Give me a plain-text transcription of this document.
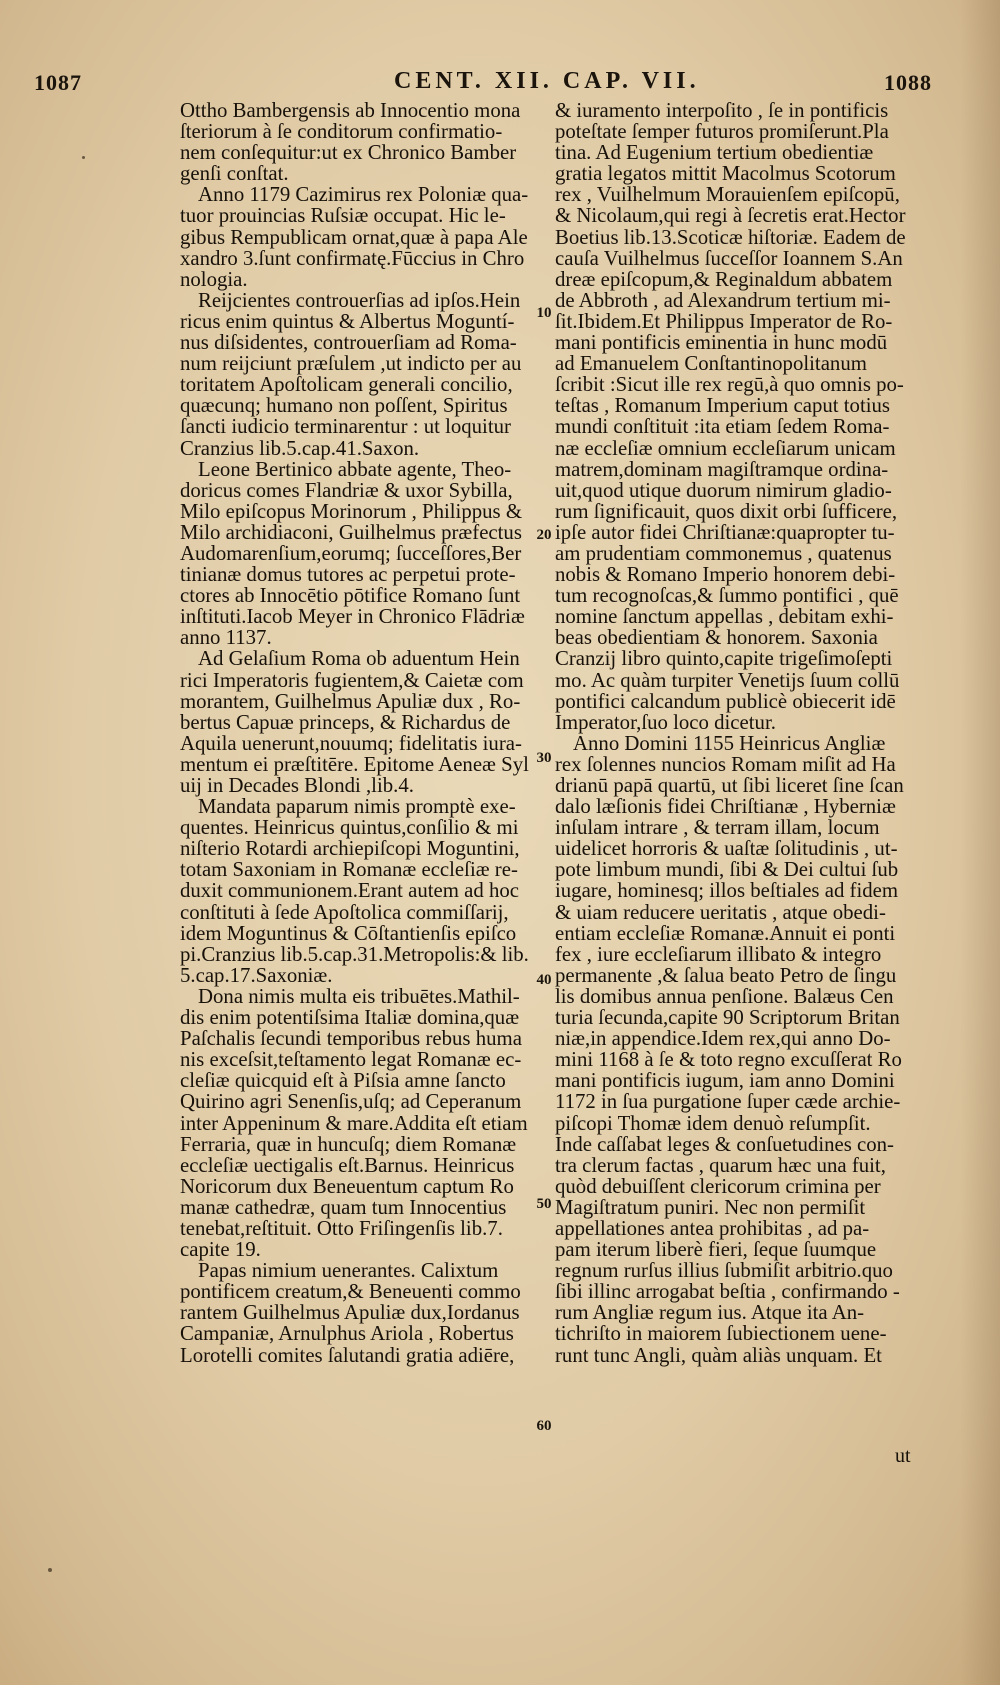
1087	CENT. XII. CAP. VII.	1088
Ottho Bambergensis ab Innocentio mona
ſteriorum à ſe conditorum confirmatio-
nem conſequitur:ut ex Chronico Bamber
genſi conſtat.
Anno 1179 Cazimirus rex Poloniæ qua-
tuor prouincias Ruſsiæ occupat. Hic le-
gibus Rempublicam ornat,quæ à papa Ale
xandro 3.ſunt confirmatę.Fūccius in Chro
nologia.
Reijcientes controuerſias ad ipſos.Hein
ricus enim quintus & Albertus Moguntí-
nus diſsidentes, controuerſiam ad Roma-
num reijciunt præſulem ,ut indicto per au
toritatem Apoſtolicam generali concilio,
quæcunq; humano non poſſent, Spiritus
ſancti iudicio terminarentur : ut loquitur
Cranzius lib.5.cap.41.Saxon.
Leone Bertinico abbate agente, Theo-
doricus comes Flandriæ & uxor Sybilla,
Milo epiſcopus Morinorum , Philippus &
Milo archidiaconi, Guilhelmus præfectus
Audomarenſium,eorumq; ſucceſſores,Ber
tinianæ domus tutores ac perpetui prote-
ctores ab Innocētio pōtifice Romano ſunt
inſtituti.Iacob Meyer in Chronico Flādriæ
anno 1137.
Ad Gelaſium Roma ob aduentum Hein
rici Imperatoris fugientem,& Caietæ com
morantem, Guilhelmus Apuliæ dux , Ro-
bertus Capuæ princeps, & Richardus de
Aquila uenerunt,nouumq; fidelitatis iura-
mentum ei præſtitēre. Epitome Aeneæ Syl
uij in Decades Blondi ,lib.4.
Mandata paparum nimis promptè exe-
quentes. Heinricus quintus,conſilio & mi
niſterio Rotardi archiepiſcopi Moguntini,
totam Saxoniam in Romanæ eccleſiæ re-
duxit communionem.Erant autem ad hoc
conſtituti à ſede Apoſtolica commiſſarij,
idem Moguntinus & Cōſtantienſis epiſco
pi.Cranzius lib.5.cap.31.Metropolis:& lib.
5.cap.17.Saxoniæ.
Dona nimis multa eis tribuētes.Mathil-
dis enim potentiſsima Italiæ domina,quæ
Paſchalis ſecundi temporibus rebus huma
nis exceſsit,teſtamento legat Romanæ ec-
cleſiæ quicquid eſt à Piſsia amne ſancto
Quirino agri Senenſis,uſq; ad Ceperanum
inter Appeninum & mare.Addita eſt etiam
Ferraria, quæ in huncuſq; diem Romanæ
eccleſiæ uectigalis eſt.Barnus. Heinricus
Noricorum dux Beneuentum captum Ro
manæ cathedræ, quam tum Innocentius
tenebat,reſtituit. Otto Friſingenſis lib.7.
capite 19.
Papas nimium uenerantes. Calixtum
pontificem creatum,& Beneuenti commo
rantem Guilhelmus Apuliæ dux,Iordanus
Campaniæ, Arnulphus Ariola , Robertus
Lorotelli comites ſalutandi gratia adiēre,
& iuramento interpoſito , ſe in pontificis
poteſtate ſemper futuros promiſerunt.Pla
tina. Ad Eugenium tertium obedientiæ
gratia legatos mittit Macolmus Scotorum
rex , Vuilhelmum Morauienſem epiſcopū,
& Nicolaum,qui regi à ſecretis erat.Hector
Boetius lib.13.Scoticæ hiſtoriæ. Eadem de
cauſa Vuilhelmus ſucceſſor Ioannem S.An
dreæ epiſcopum,& Reginaldum abbatem
de Abbroth , ad Alexandrum tertium mi-
ſit.Ibidem.Et Philippus Imperator de Ro-
mani pontificis eminentia in hunc modū
ad Emanuelem Conſtantinopolitanum
ſcribit :Sicut ille rex regū,à quo omnis po-
teſtas , Romanum Imperium caput totius
mundi conſtituit :ita etiam ſedem Roma-
næ eccleſiæ omnium eccleſiarum unicam
matrem,dominam magiſtramque ordina-
uit,quod utique duorum nimirum gladio-
rum ſignificauit, quos dixit orbi ſufficere,
ipſe autor fidei Chriſtianæ:quapropter tu-
am prudentiam commonemus , quatenus
nobis & Romano Imperio honorem debi-
tum recognoſcas,& ſummo pontifici , quē
nomine ſanctum appellas , debitam exhi-
beas obedientiam & honorem. Saxonia
Cranzij libro quinto,capite trigeſimoſepti
mo. Ac quàm turpiter Venetijs ſuum collū
pontifici calcandum publicè obiecerit idē
Imperator,ſuo loco dicetur.
Anno Domini 1155 Heinricus Angliæ
rex ſolennes nuncios Romam miſit ad Ha
drianū papā quartū, ut ſibi liceret ſine ſcan
dalo læſionis fidei Chriſtianæ , Hyberniæ
inſulam intrare , & terram illam, locum
uidelicet horroris & uaſtæ ſolitudinis , ut-
pote limbum mundi, ſibi & Dei cultui ſub
iugare, hominesq; illos beſtiales ad fidem
& uiam reducere ueritatis , atque obedi-
entiam eccleſiæ Romanæ.Annuit ei ponti
fex , iure eccleſiarum illibato & integro
permanente ,& ſalua beato Petro de ſingu
lis domibus annua penſione. Balæus Cen
turia ſecunda,capite 90 Scriptorum Britan
niæ,in appendice.Idem rex,qui anno Do-
mini 1168 à ſe & toto regno excuſſerat Ro
mani pontificis iugum, iam anno Domini
1172 in ſua purgatione ſuper cæde archie-
piſcopi Thomæ idem denuò reſumpſit.
Inde caſſabat leges & conſuetudines con-
tra clerum factas , quarum hæc una fuit,
quòd debuiſſent clericorum crimina per
Magiſtratum puniri. Nec non permiſit
appellationes antea prohibitas , ad pa-
pam iterum liberè fieri, ſeque ſuumque
regnum rurſus illius ſubmiſit arbitrio.quo
ſibi illinc arrogabat beſtia , confirmando -
rum Angliæ regum ius. Atque ita An-
tichriſto in maiorem ſubiectionem uene-
runt tunc Angli, quàm aliàs unquam. Et
10
20
30
40
50
60
ut
